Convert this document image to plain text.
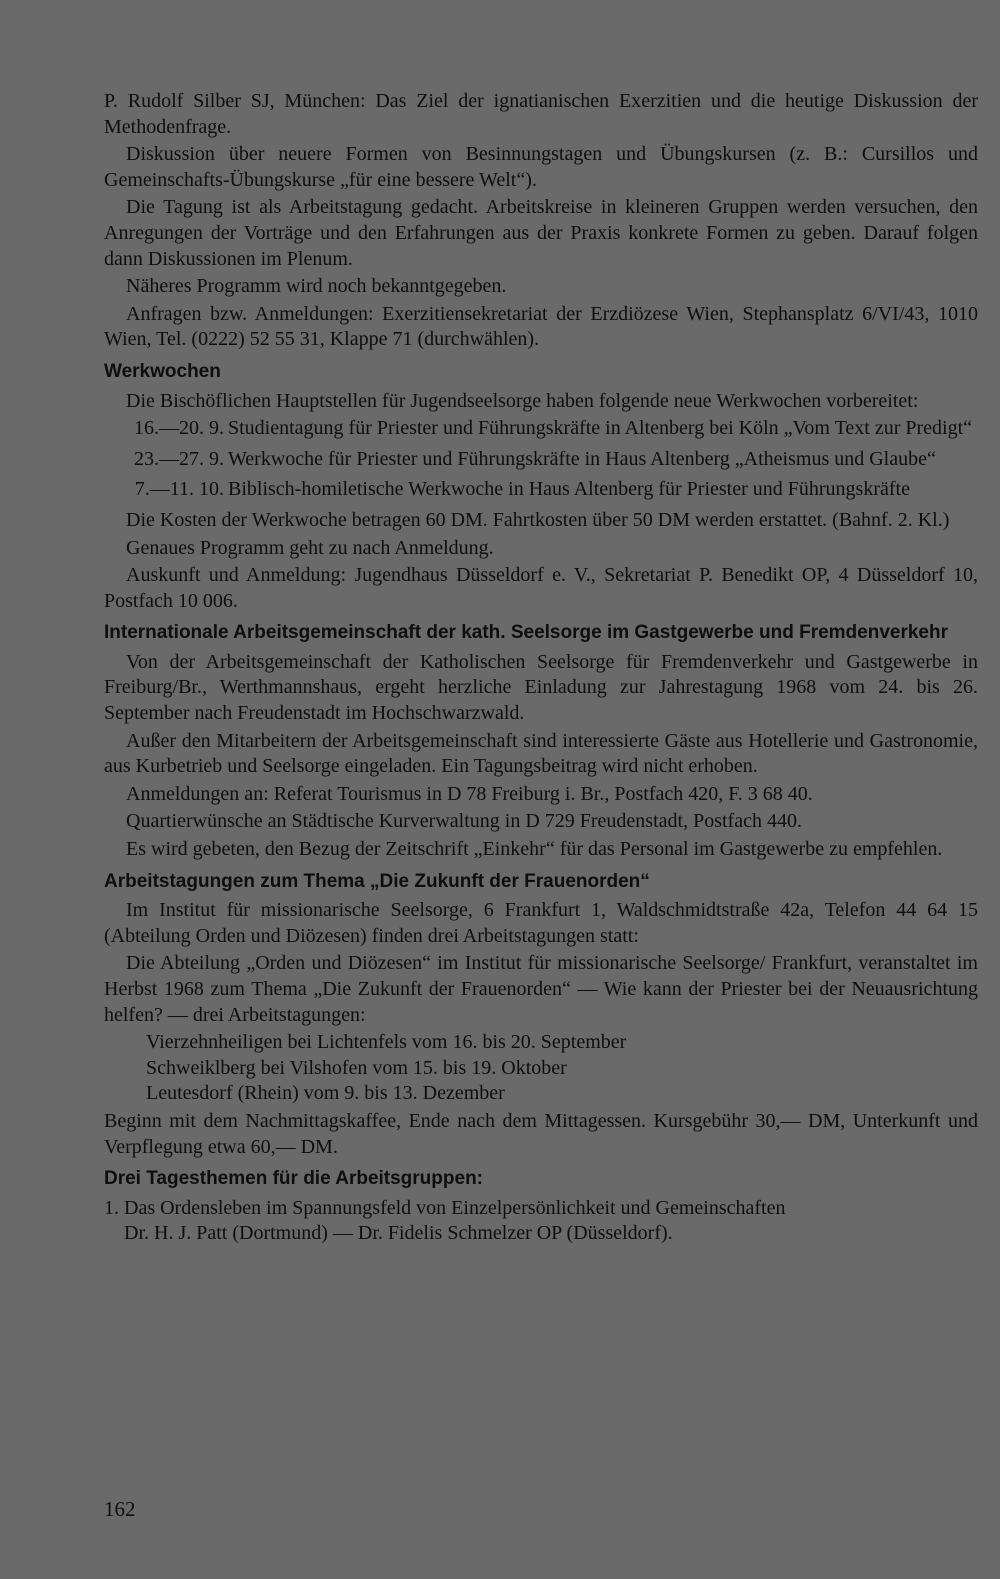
P. Rudolf Silber SJ, München: Das Ziel der ignatianischen Exerzitien und die heutige Diskussion der Methodenfrage.

Diskussion über neuere Formen von Besinnungstagen und Übungskursen (z. B.: Cursillos und Gemeinschafts-Übungskurse „für eine bessere Welt“).

Die Tagung ist als Arbeitstagung gedacht. Arbeitskreise in kleineren Gruppen werden versuchen, den Anregungen der Vorträge und den Erfahrungen aus der Praxis konkrete Formen zu geben. Darauf folgen dann Diskussionen im Plenum.

Näheres Programm wird noch bekanntgegeben.

Anfragen bzw. Anmeldungen: Exerzitiensekretariat der Erzdiözese Wien, Stephansplatz 6/VI/43, 1010 Wien, Tel. (0222) 52 55 31, Klappe 71 (durchwählen).

Werkwochen

Die Bischöflichen Hauptstellen für Jugendseelsorge haben folgende neue Werkwochen vorbereitet:

16.—20. 9. Studientagung für Priester und Führungskräfte in Altenberg bei Köln „Vom Text zur Predigt“
23.—27. 9. Werkwoche für Priester und Führungskräfte in Haus Altenberg „Atheismus und Glaube“
7.—11. 10. Biblisch-homiletische Werkwoche in Haus Altenberg für Priester und Führungskräfte

Die Kosten der Werkwoche betragen 60 DM. Fahrtkosten über 50 DM werden erstattet. (Bahnf. 2. Kl.)

Genaues Programm geht zu nach Anmeldung.

Auskunft und Anmeldung: Jugendhaus Düsseldorf e. V., Sekretariat P. Benedikt OP, 4 Düsseldorf 10, Postfach 10 006.

Internationale Arbeitsgemeinschaft der kath. Seelsorge im Gastgewerbe und Fremdenverkehr

Von der Arbeitsgemeinschaft der Katholischen Seelsorge für Fremdenverkehr und Gastgewerbe in Freiburg/Br., Werthmannshaus, ergeht herzliche Einladung zur Jahrestagung 1968 vom 24. bis 26. September nach Freudenstadt im Hochschwarzwald.

Außer den Mitarbeitern der Arbeitsgemeinschaft sind interessierte Gäste aus Hotellerie und Gastronomie, aus Kurbetrieb und Seelsorge eingeladen. Ein Tagungsbeitrag wird nicht erhoben.

Anmeldungen an: Referat Tourismus in D 78 Freiburg i. Br., Postfach 420, F. 3 68 40.

Quartierwünsche an Städtische Kurverwaltung in D 729 Freudenstadt, Postfach 440.

Es wird gebeten, den Bezug der Zeitschrift „Einkehr“ für das Personal im Gastgewerbe zu empfehlen.

Arbeitstagungen zum Thema „Die Zukunft der Frauenorden“

Im Institut für missionarische Seelsorge, 6 Frankfurt 1, Waldschmidtstraße 42a, Telefon 44 64 15 (Abteilung Orden und Diözesen) finden drei Arbeitstagungen statt:

Die Abteilung „Orden und Diözesen“ im Institut für missionarische Seelsorge/ Frankfurt, veranstaltet im Herbst 1968 zum Thema „Die Zukunft der Frauenorden“ — Wie kann der Priester bei der Neuausrichtung helfen? — drei Arbeitstagungen:

Vierzehnheiligen bei Lichtenfels vom 16. bis 20. September
Schweiklberg bei Vilshofen vom 15. bis 19. Oktober
Leutesdorf (Rhein) vom 9. bis 13. Dezember

Beginn mit dem Nachmittagskaffee, Ende nach dem Mittagessen. Kursgebühr 30,— DM, Unterkunft und Verpflegung etwa 60,— DM.

Drei Tagesthemen für die Arbeitsgruppen:
1. Das Ordensleben im Spannungsfeld von Einzelpersönlichkeit und Gemeinschaften
Dr. H. J. Patt (Dortmund) — Dr. Fidelis Schmelzer OP (Düsseldorf).
162
